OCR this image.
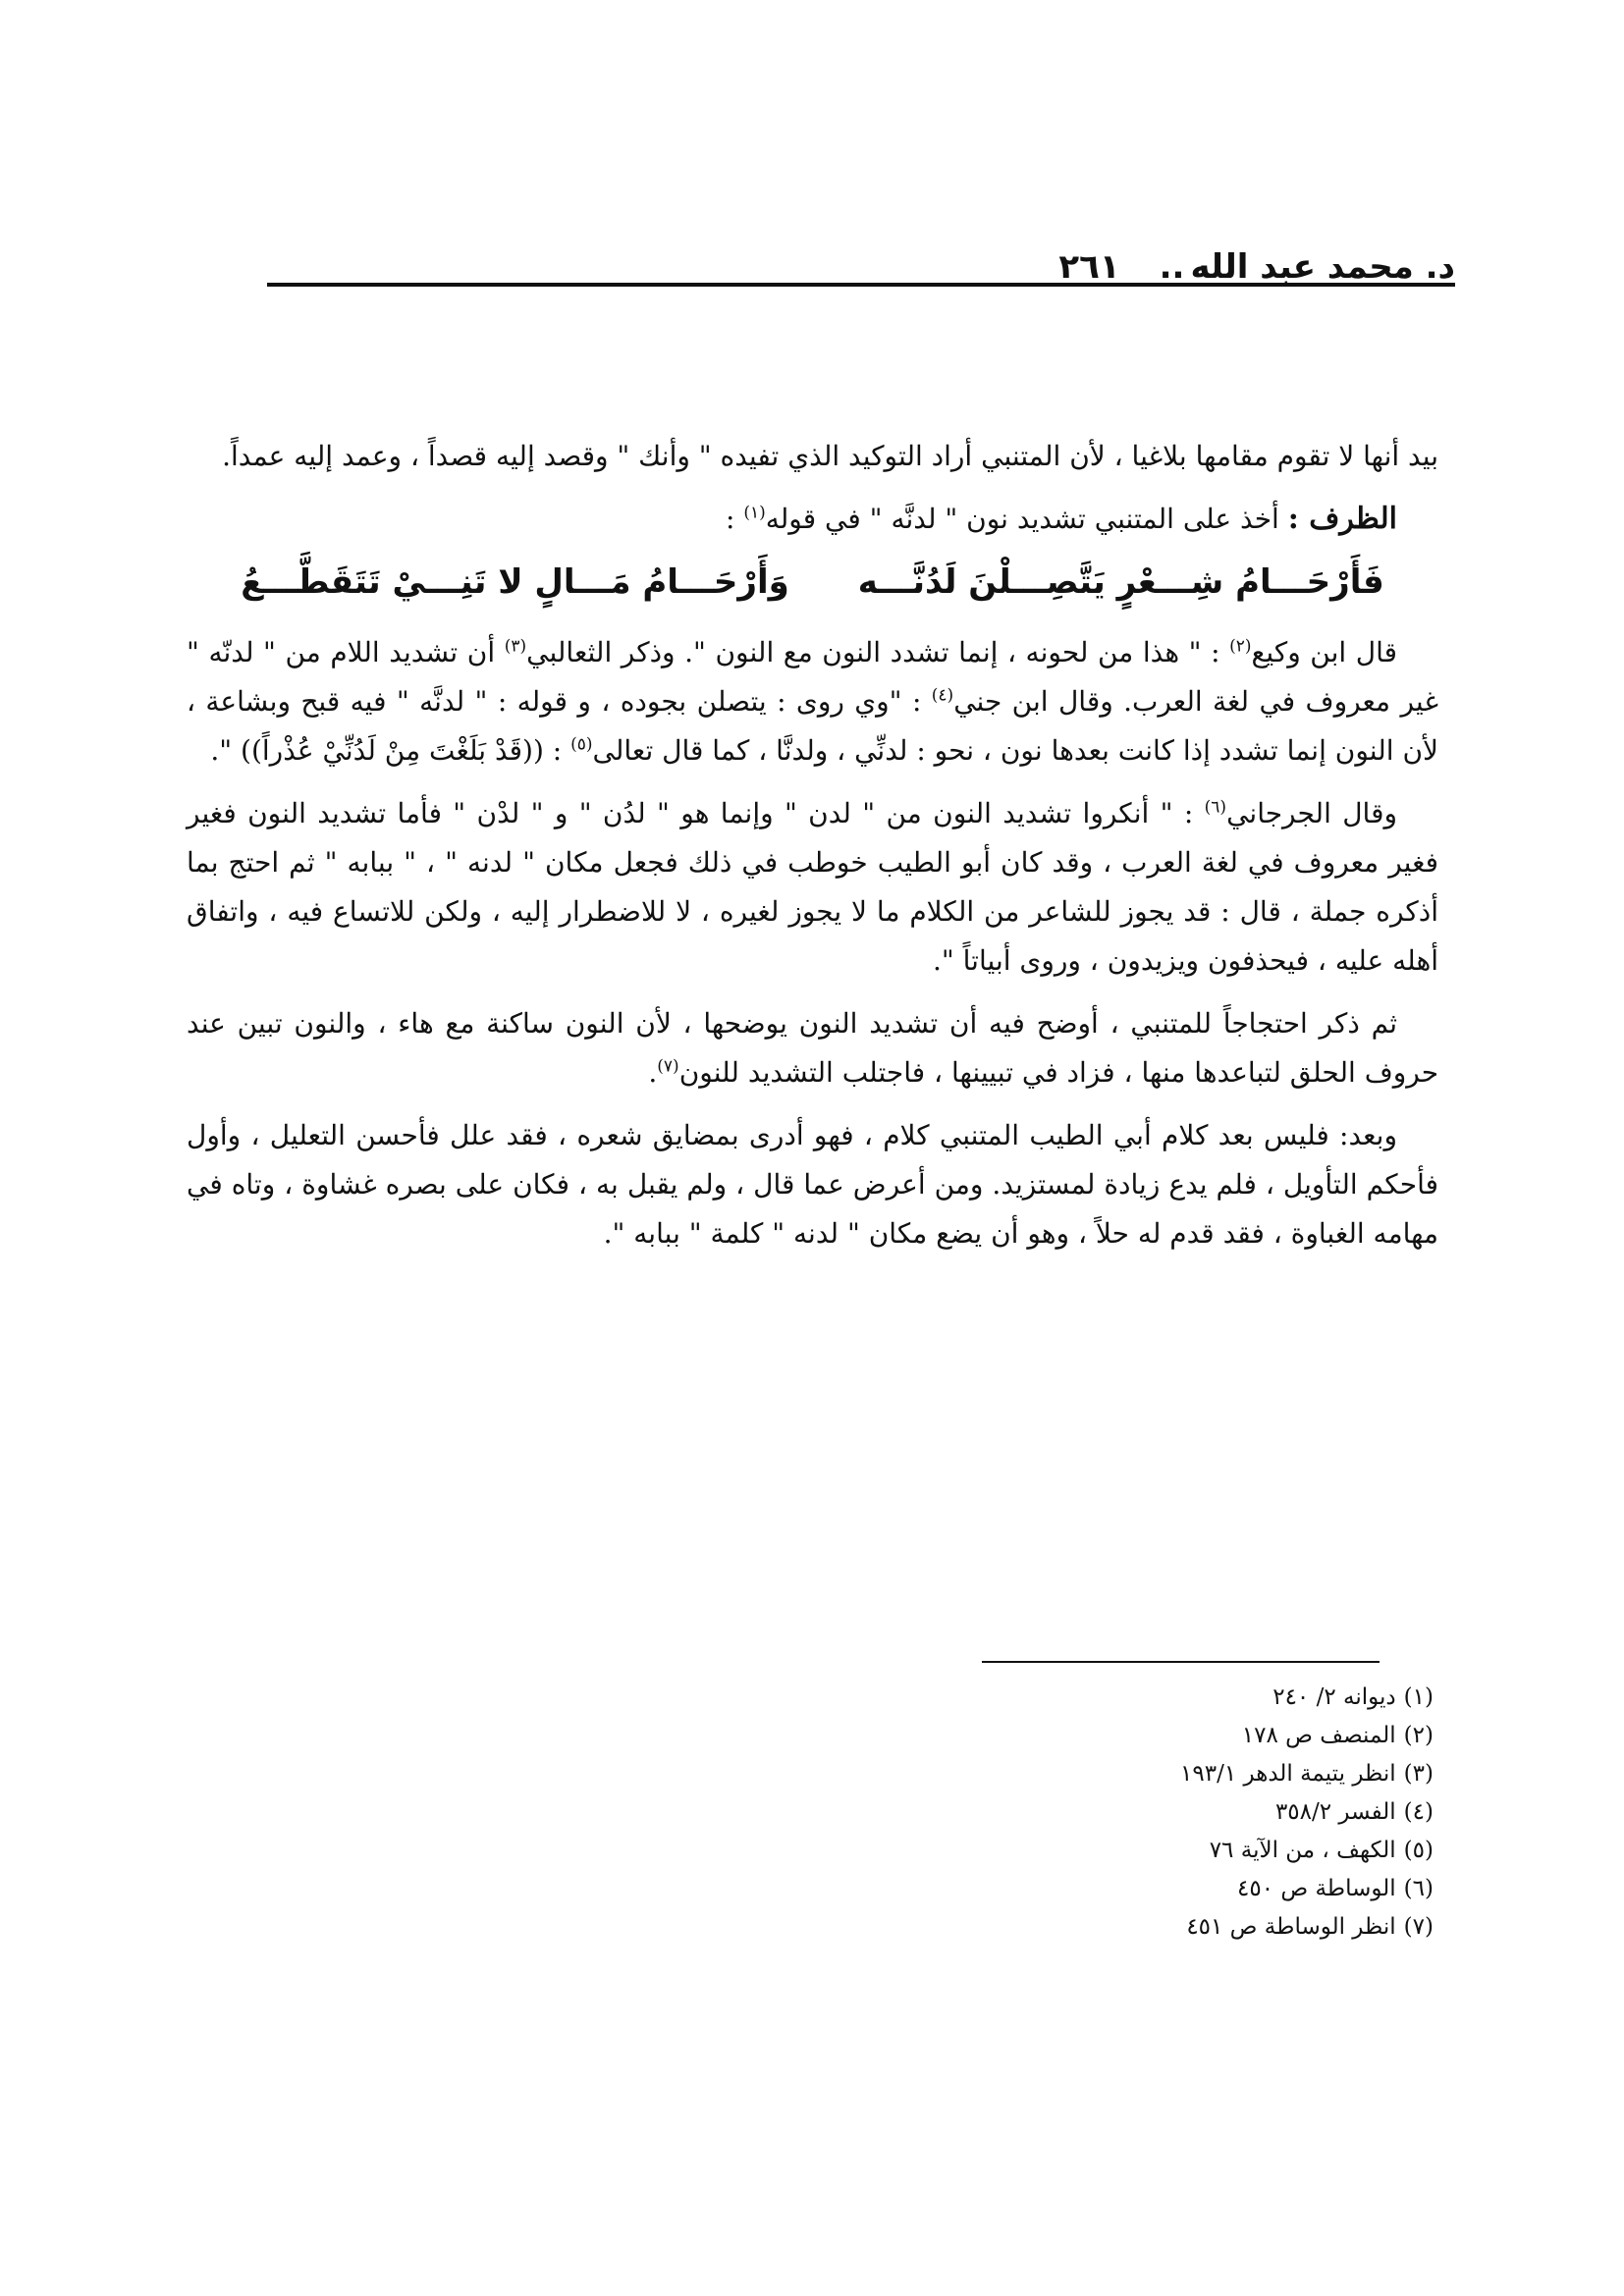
د. محمد عبد الله
..
٢٦١

بيد أنها لا تقوم مقامها بلاغيا ، لأن المتنبي أراد التوكيد الذي تفيده " وأنك " وقصد إليه قصداً ، وعمد إليه عمداً.

الظرف : أخذ على المتنبي تشديد نون " لدنَّه " في قوله$^{(١)}$ :

فَأَرْحَـــامُ شِـــعْرٍ يَتَّصِـــلْنَ لَدُنَّـــه
وَأَرْحَـــامُ مَـــالٍ لا تَنِـــيْ تَتَقَطَّـــعُ

قال ابن وكيع$^{(٢)}$ : " هذا من لحونه ، إنما تشدد النون مع النون ". وذكر الثعالبي$^{(٣)}$ أن تشديد اللام من " لدنّه " غير معروف في لغة العرب. وقال ابن جني$^{(٤)}$ : "وي روى : يتصلن بجوده ، و قوله : " لدنَّه " فيه قبح وبشاعة ، لأن النون إنما تشدد إذا كانت بعدها نون ، نحو : لدنِّي ، ولدنَّا ، كما قال تعالى$^{(٥)}$ : ((قَدْ بَلَغْتَ مِنْ لَدُنِّيْ عُذْراً)) ".

وقال الجرجاني$^{(٦)}$ : " أنكروا تشديد النون من " لدن " وإنما هو " لدُن " و " لدْن " فأما تشديد النون فغير فغير معروف في لغة العرب ، وقد كان أبو الطيب خوطب في ذلك فجعل مكان " لدنه " ، " ببابه " ثم احتج بما أذكره جملة ، قال : قد يجوز للشاعر من الكلام ما لا يجوز لغيره ، لا للاضطرار إليه ، ولكن للاتساع فيه ، واتفاق أهله عليه ، فيحذفون ويزيدون ، وروى أبياتاً ".

ثم ذكر احتجاجاً للمتنبي ، أوضح فيه أن تشديد النون يوضحها ، لأن النون ساكنة مع هاء ، والنون تبين عند حروف الحلق لتباعدها منها ، فزاد في تبيينها ، فاجتلب التشديد للنون$^{(٧)}$.

وبعد: فليس بعد كلام أبي الطيب المتنبي كلام ، فهو أدرى بمضايق شعره ، فقد علل فأحسن التعليل ، وأول فأحكم التأويل ، فلم يدع زيادة لمستزيد. ومن أعرض عما قال ، ولم يقبل به ، فكان على بصره غشاوة ، وتاه في مهامه الغباوة ، فقد قدم له حلاً ، وهو أن يضع مكان " لدنه " كلمة " ببابه ".

(١)
ديوانه ٢/ ٢٤٠
(٢)
المنصف ص ١٧٨
(٣)
انظر يتيمة الدهر ١٩٣/١
(٤)
الفسر ٣٥٨/٢
(٥)
الكهف ، من الآية ٧٦
(٦)
الوساطة ص ٤٥٠
(٧)
انظر الوساطة ص ٤٥١
